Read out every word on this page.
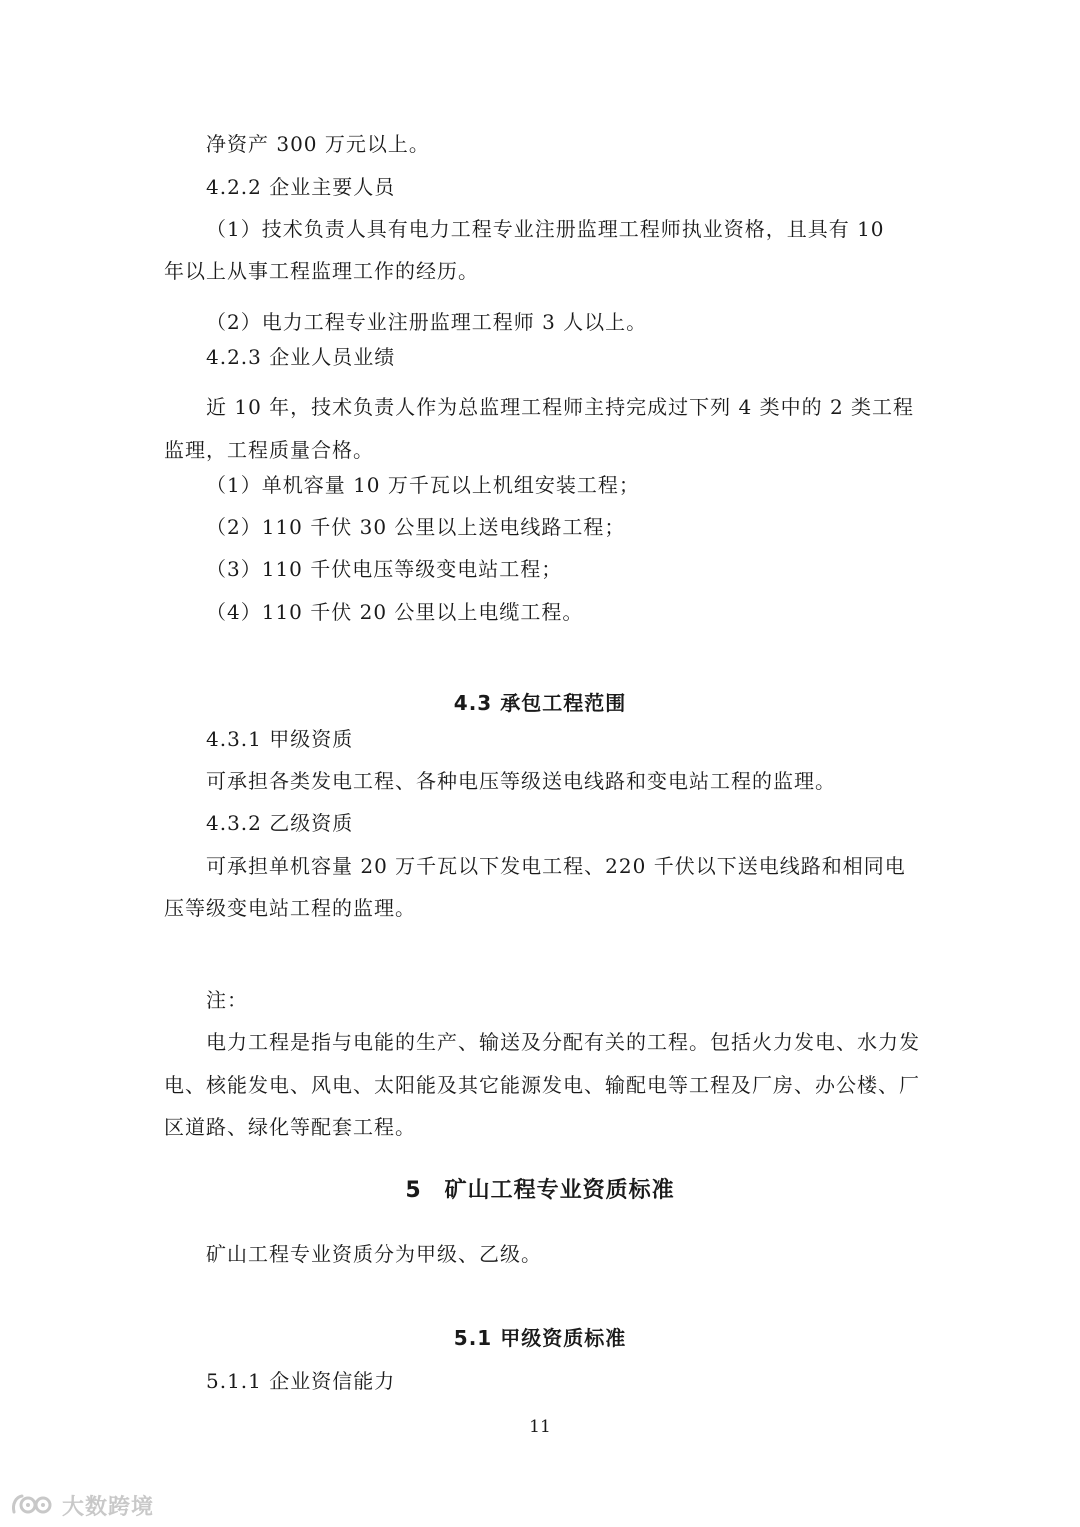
净资产 300 万元以上。
4.2.2 企业主要人员
（1）技术负责人具有电力工程专业注册监理工程师执业资格，且具有 10
年以上从事工程监理工作的经历。
（2）电力工程专业注册监理工程师 3 人以上。
4.2.3 企业人员业绩
近 10 年，技术负责人作为总监理工程师主持完成过下列 4 类中的 2 类工程
监理，工程质量合格。
（1）单机容量 10 万千瓦以上机组安装工程；
（2）110 千伏 30 公里以上送电线路工程；
（3）110 千伏电压等级变电站工程；
（4）110 千伏 20 公里以上电缆工程。
4.3 承包工程范围
4.3.1 甲级资质
可承担各类发电工程、各种电压等级送电线路和变电站工程的监理。
4.3.2 乙级资质
可承担单机容量 20 万千瓦以下发电工程、220 千伏以下送电线路和相同电
压等级变电站工程的监理。
注：
电力工程是指与电能的生产、输送及分配有关的工程。包括火力发电、水力发
电、核能发电、风电、太阳能及其它能源发电、输配电等工程及厂房、办公楼、厂
区道路、绿化等配套工程。
5　矿山工程专业资质标准
矿山工程专业资质分为甲级、乙级。
5.1 甲级资质标准
5.1.1 企业资信能力
11
大数跨境
